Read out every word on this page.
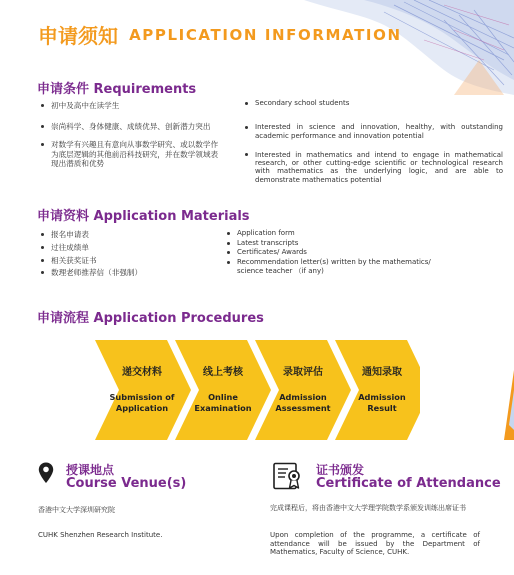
申请须知 APPLICATION INFORMATION
申请条件 Requirements
初中及高中在读学生
崇尚科学、身体健康、成绩优异、创新潜力突出
对数学有兴趣且有意向从事数学研究、或以数学作为底层逻辑的其他前沿科技研究，并在数学领域表现出潜质和优势
Secondary school students
Interested in science and innovation, healthy, with outstanding academic performance and innovation potential
Interested in mathematics and intend to engage in mathematical research, or other cutting-edge scientific or technological research with mathematics as the underlying logic, and are able to demonstrate mathematics potential
申请资料 Application Materials
报名申请表
过往成绩单
相关获奖证书
数理老师推荐信（非强制）
Application form
Latest transcripts
Certificates/ Awards
Recommendation letter(s) written by the mathematics/
science teacher （if any)
申请流程 Application Procedures
递交材料
Submission of
Application
线上考核
Online
Examination
录取评估
Admission
Assessment
通知录取
Admission
Result
授课地点
Course Venue(s)
香港中文大学深圳研究院
CUHK Shenzhen Research Institute.
证书颁发
Certificate of Attendance
完成课程后，将由香港中文大学理学院数学系颁发训练出席证书
Upon completion of the programme, a certificate of attendance will be issued by the Department of Mathematics, Faculty of Science, CUHK.
